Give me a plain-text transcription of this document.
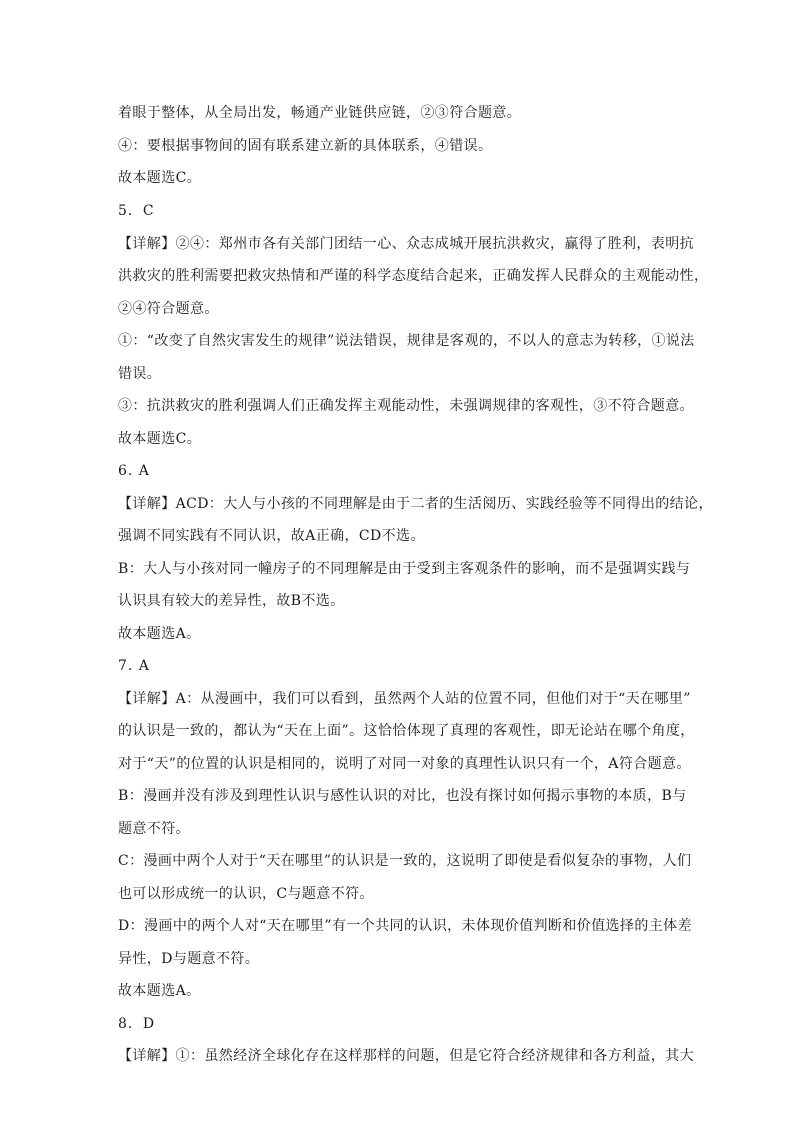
着眼于整体，从全局出发，畅通产业链供应链，②③符合题意。
④：要根据事物间的固有联系建立新的具体联系，④错误。
故本题选C。
5．C
【详解】②④：郑州市各有关部门团结一心、众志成城开展抗洪救灾，赢得了胜利，表明抗
洪救灾的胜利需要把救灾热情和严谨的科学态度结合起来，正确发挥人民群众的主观能动性，
②④符合题意。
①：“改变了自然灾害发生的规律”说法错误，规律是客观的，不以人的意志为转移，①说法
错误。
③：抗洪救灾的胜利强调人们正确发挥主观能动性，未强调规律的客观性，③不符合题意。
故本题选C。
6. A
【详解】ACD：大人与小孩的不同理解是由于二者的生活阅历、实践经验等不同得出的结论，
强调不同实践有不同认识，故A正确，CD不选。
B：大人与小孩对同一幢房子的不同理解是由于受到主客观条件的影响，而不是强调实践与
认识具有较大的差异性，故B不选。
故本题选A。
7. A
【详解】A：从漫画中，我们可以看到，虽然两个人站的位置不同，但他们对于“天在哪里”
的认识是一致的，都认为“天在上面”。这恰恰体现了真理的客观性，即无论站在哪个角度，
对于“天”的位置的认识是相同的，说明了对同一对象的真理性认识只有一个，A符合题意。
B：漫画并没有涉及到理性认识与感性认识的对比，也没有探讨如何揭示事物的本质，B与
题意不符。
C：漫画中两个人对于“天在哪里”的认识是一致的，这说明了即使是看似复杂的事物，人们
也可以形成统一的认识，C与题意不符。
D：漫画中的两个人对“天在哪里”有一个共同的认识，未体现价值判断和价值选择的主体差
异性，D与题意不符。
故本题选A。
8．D
【详解】①：虽然经济全球化存在这样那样的问题，但是它符合经济规律和各方利益，其大
